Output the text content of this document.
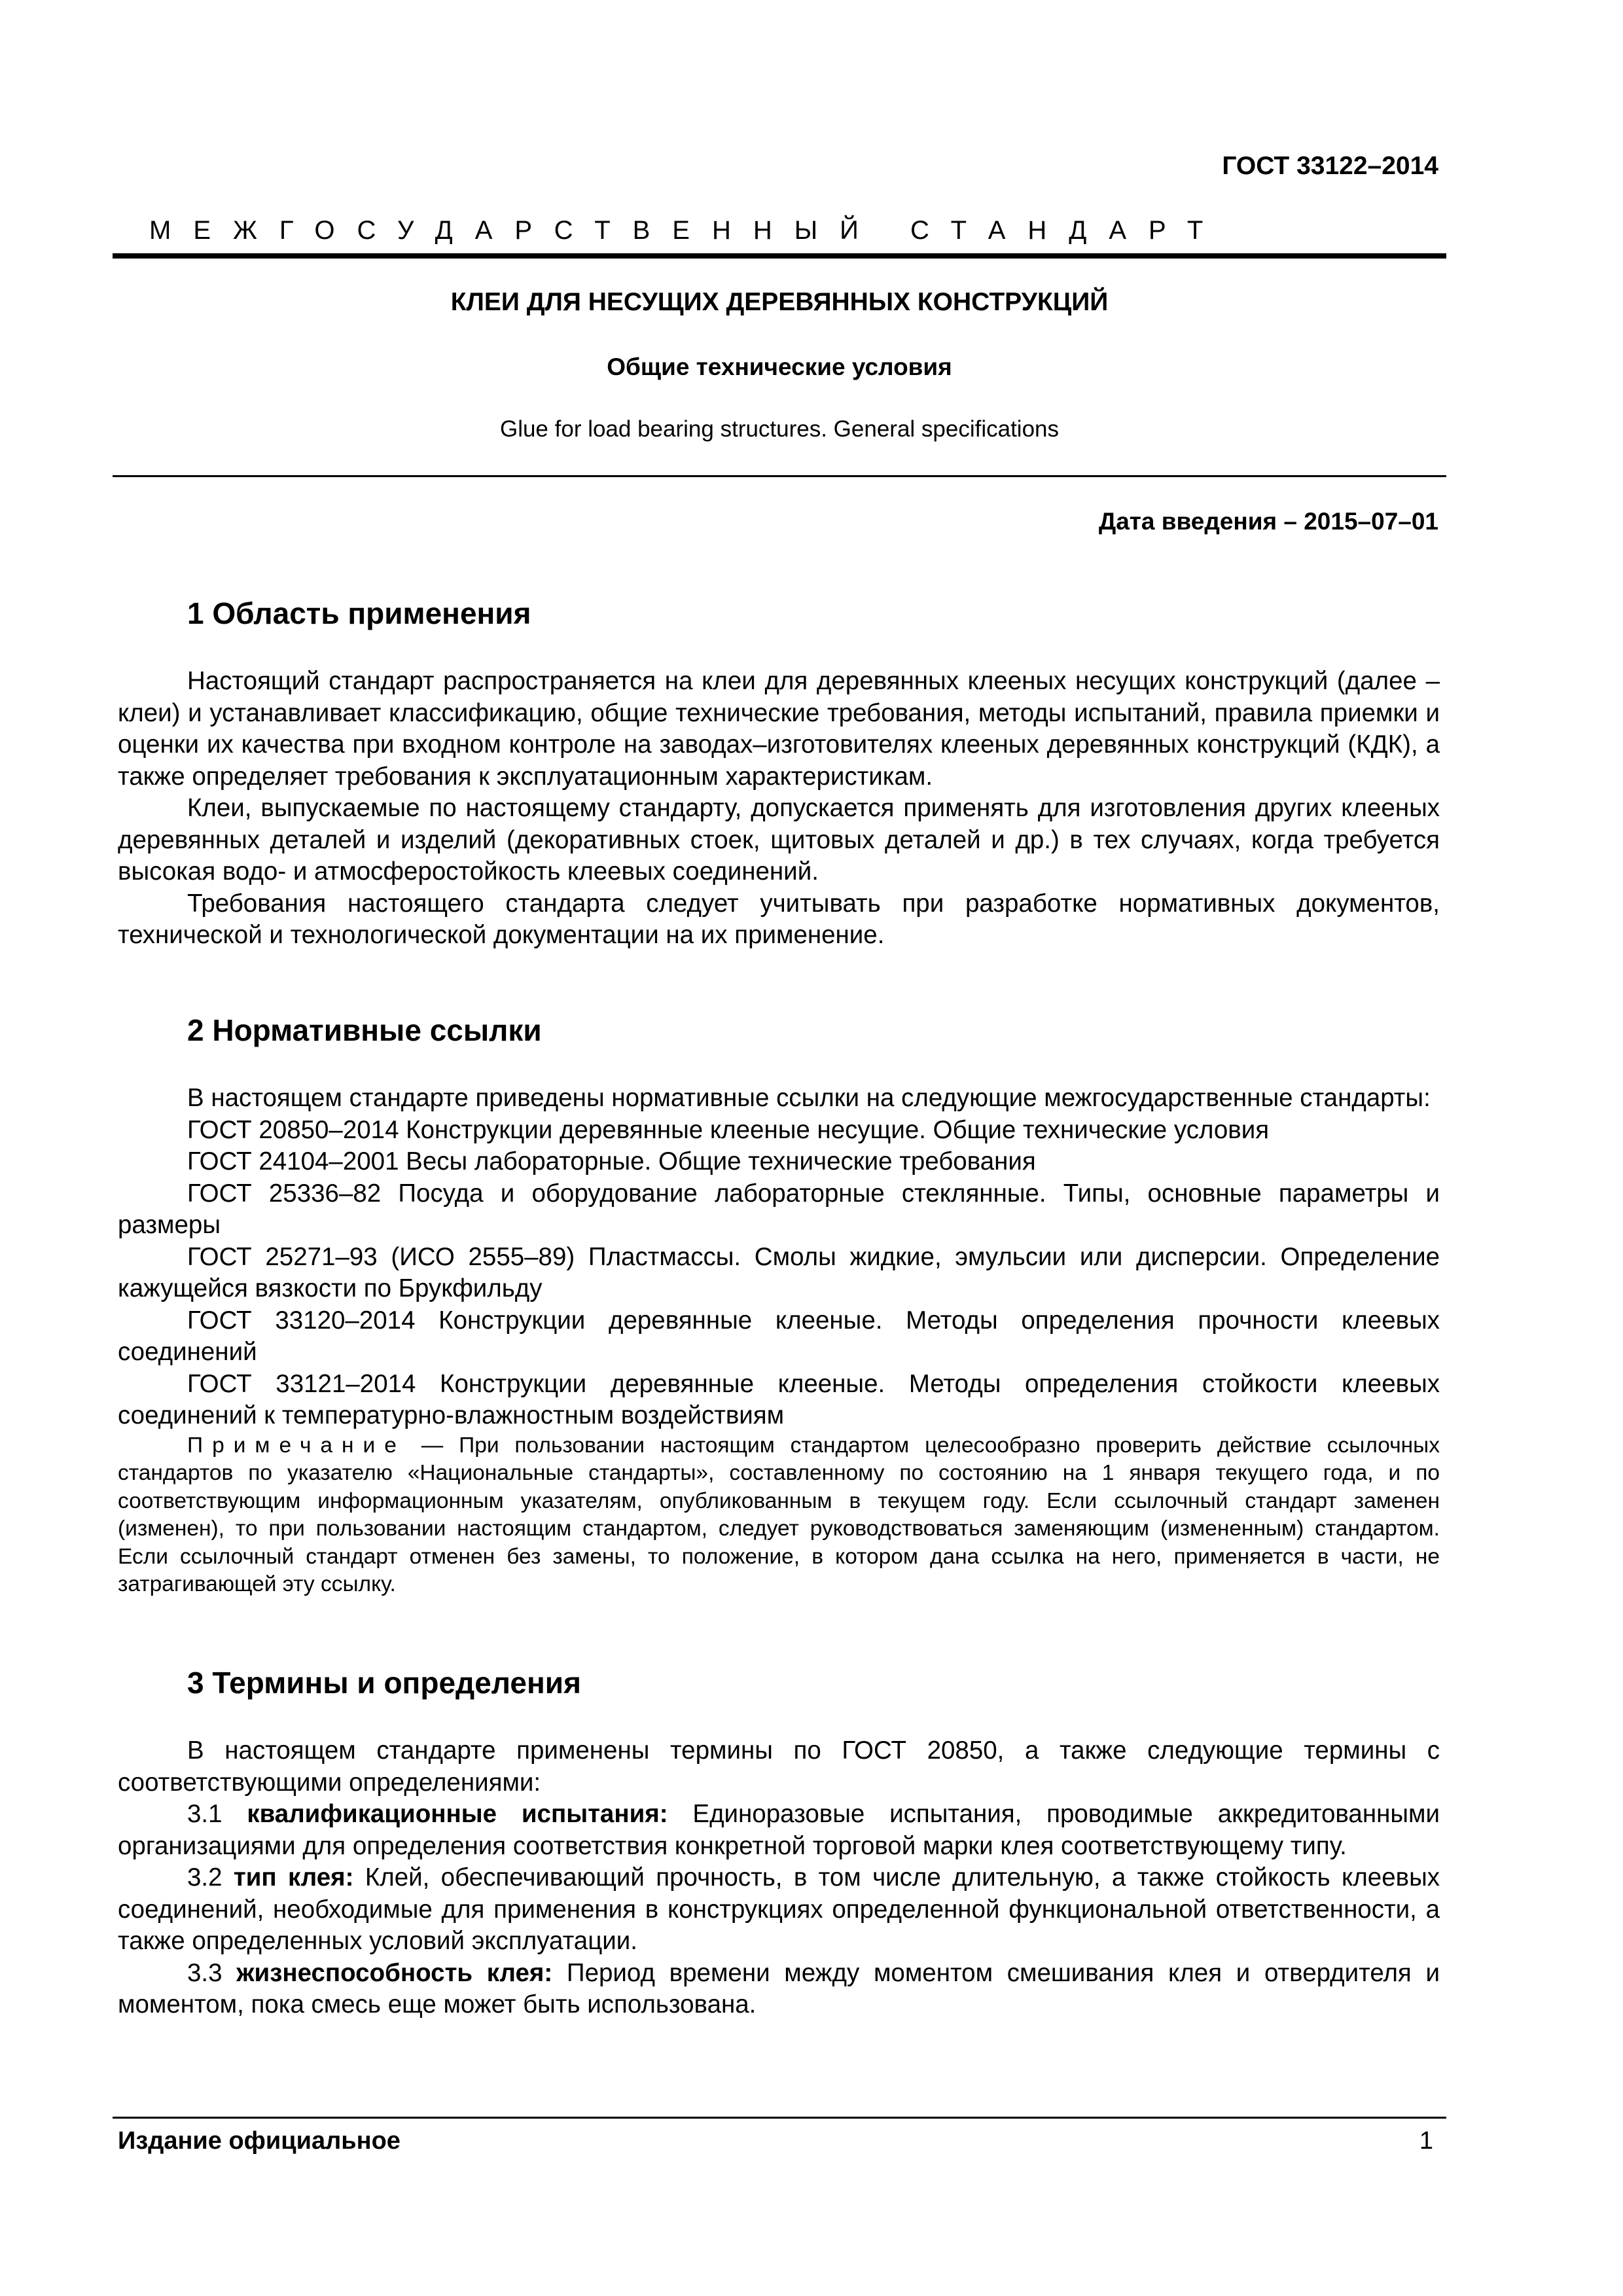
ГОСТ 33122–2014
МЕЖГОСУДАРСТВЕННЫЙ СТАНДАРТ
КЛЕИ ДЛЯ НЕСУЩИХ ДЕРЕВЯННЫХ КОНСТРУКЦИЙ
Общие технические условия
Glue for load bearing structures. General specifications
Дата введения – 2015–07–01
1 Область применения

Настоящий стандарт распространяется на клеи для деревянных клееных несущих конструкций (далее – клеи) и устанавливает классификацию, общие технические требования, методы испытаний, правила приемки и оценки их качества при входном контроле на заводах–изготовителях клееных деревянных конструкций (КДК), а также определяет требования к эксплуатационным характеристикам.

Клеи, выпускаемые по настоящему стандарту, допускается применять для изготовления других клееных деревянных деталей и изделий (декоративных стоек, щитовых деталей и др.) в тех случаях, когда требуется высокая водо- и атмосферостойкость клеевых соединений.

Требования настоящего стандарта следует учитывать при разработке нормативных документов, технической и технологической документации на их применение.

2 Нормативные ссылки

В настоящем стандарте приведены нормативные ссылки на следующие межгосударственные стандарты:

ГОСТ 20850–2014 Конструкции деревянные клееные несущие. Общие технические условия

ГОСТ 24104–2001 Весы лабораторные. Общие технические требования

ГОСТ 25336–82 Посуда и оборудование лабораторные стеклянные. Типы, основные параметры и размеры

ГОСТ 25271–93 (ИСО 2555–89) Пластмассы. Смолы жидкие, эмульсии или дисперсии. Определение кажущейся вязкости по Брукфильду

ГОСТ 33120–2014 Конструкции деревянные клееные. Методы определения прочности клеевых соединений

ГОСТ 33121–2014 Конструкции деревянные клееные. Методы определения стойкости клеевых соединений к температурно-влажностным воздействиям

Примечание — При пользовании настоящим стандартом целесообразно проверить действие ссылочных стандартов по указателю «Национальные стандарты», составленному по состоянию на 1 января текущего года, и по соответствующим информационным указателям, опубликованным в текущем году. Если ссылочный стандарт заменен (изменен), то при пользовании настоящим стандартом, следует руководствоваться заменяющим (измененным) стандартом. Если ссылочный стандарт отменен без замены, то положение, в котором дана ссылка на него, применяется в части, не затрагивающей эту ссылку.

3 Термины и определения

В настоящем стандарте применены термины по ГОСТ 20850, а также следующие термины с соответствующими определениями:

3.1 квалификационные испытания: Единоразовые испытания, проводимые аккредитованными организациями для определения соответствия конкретной торговой марки клея соответствующему типу.

3.2 тип клея: Клей, обеспечивающий прочность, в том числе длительную, а также стойкость клеевых соединений, необходимые для применения в конструкциях определенной функциональной ответственности, а также определенных условий эксплуатации.

3.3 жизнеспособность клея: Период времени между моментом смешивания клея и отвердителя и моментом, пока смесь еще может быть использована.

Издание официальное	1
